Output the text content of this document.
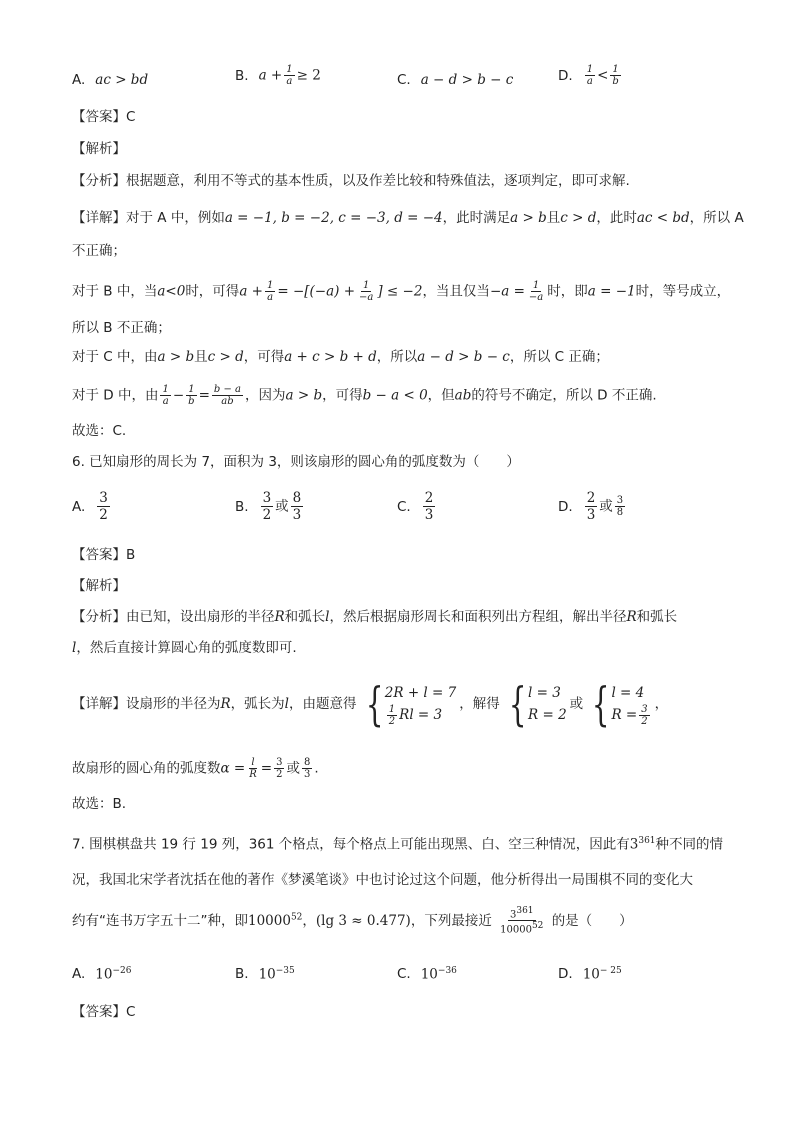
A. ac > bd	B. $a + \frac{1}{a} \ge 2$	C. a − d > b − c	D. $\frac{1}{a} < \frac{1}{b}$
【答案】C
【解析】
【分析】根据题意，利用不等式的基本性质，以及作差比较和特殊值法，逐项判定，即可求解.
【详解】对于 A 中，例如a = −1, b = −2, c = −3, d = −4，此时满足a > b且c > d，此时ac < bd，所以 A
不正确；
对于 B 中，当a<0时，可得$a + \frac{1}{a} = -[(-a) + \frac{1}{-a}$ ] ≤ −2，当且仅当$-a = \frac{1}{-a}$ 时，即a = −1时，等号成立，
所以 B 不正确；
对于 C 中，由a > b且c > d，可得a + c > b + d，所以a − d > b − c，所以 C 正确；
对于 D 中，由 $\frac{1}{a} - \frac{1}{b} = \frac{b - a}{ab}$ ，因为a > b，可得b − a < 0，但ab的符号不确定，所以 D 不正确.
故选：C.
6. 已知扇形的周长为 7，面积为 3，则该扇形的圆心角的弧度数为（　　）
A. $\frac{3}{2}$	B. $\frac{3}{2}$ 或 $\frac{8}{3}$	C. $\frac{2}{3}$	D. $\frac{2}{3}$ 或 $\frac{3}{8}$
【答案】B
【解析】
【分析】由已知，设出扇形的半径R和弧长l，然后根据扇形周长和面积列出方程组，解出半径R和弧长
l，然后直接计算圆心角的弧度数即可.
【详解】 设扇形的半径为 R ，弧长为 l ，由题意得 { 2R + l = 7
$\frac{1}{2}$ Rl = 3
，解得 { l = 3
R = 2
或 { l = 4
$R = \frac{3}{2}$ ，
故扇形的圆心角的弧度数$\alpha = \frac{l}{R} = \frac{3}{2}$ 或 $\frac{8}{3}$ .
故选：B.
7. 围棋棋盘共 19 行 19 列，361 个格点，每个格点上可能出现黑、白、空三种情况，因此有$3^{361}$种不同的情
况，我国北宋学者沈括在他的著作《梦溪笔谈》中也讨论过这个问题，他分析得出一局围棋不同的变化大
约有“连书万字五十二”种，即10000$^{52}$，(lg 3 ≈ 0.477)，下列最接近 $\frac{3^{361}}{10000^{52}}$ 的是（　　）
A. $10^{-26}$	B. $10^{-35}$	C. $10^{-36}$	D. $10^{- 25}$
【答案】C
